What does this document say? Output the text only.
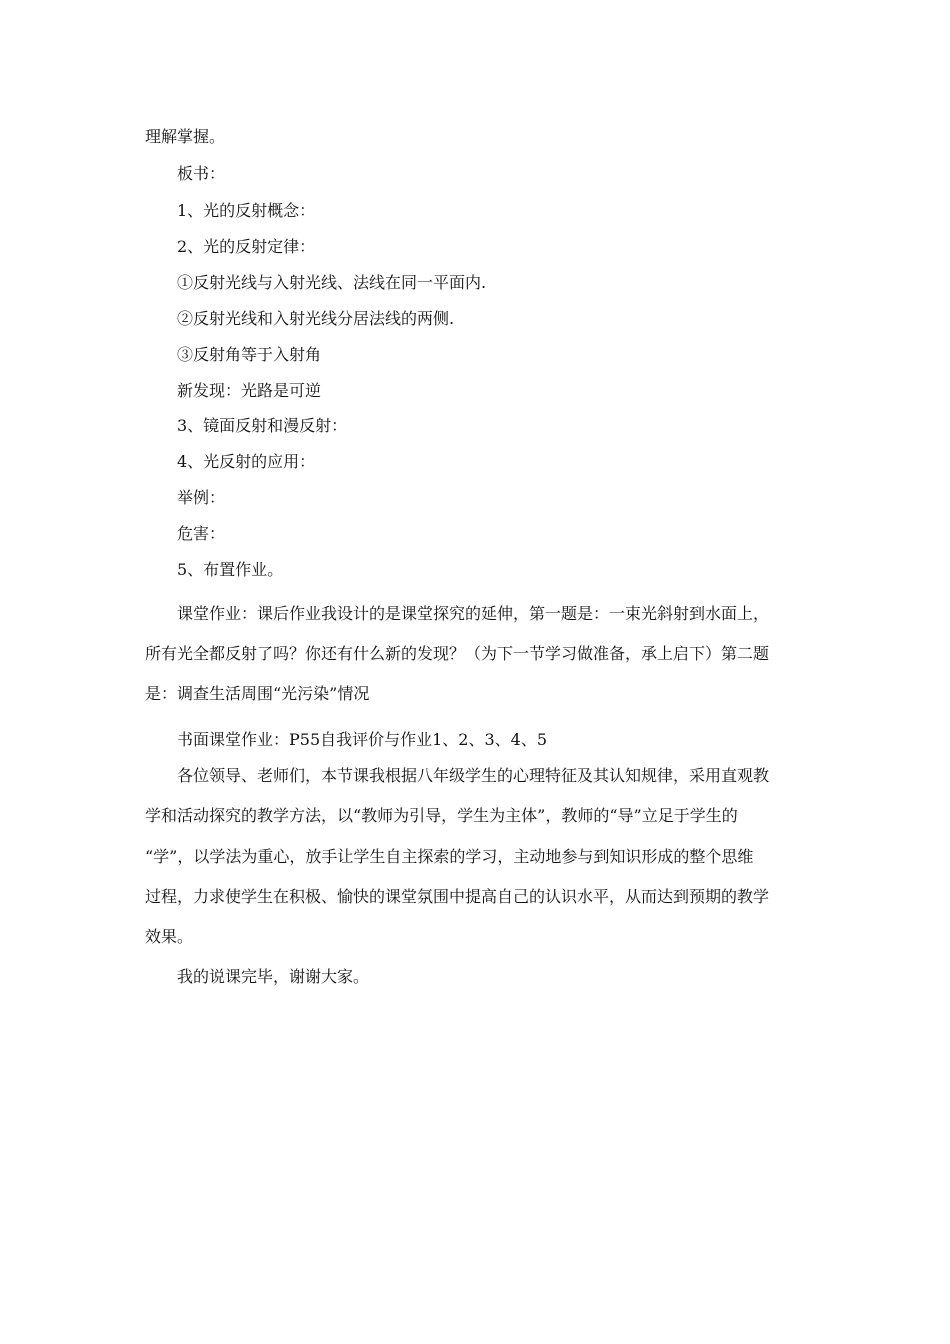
理解掌握。
板书：
1、光的反射概念：
2、光的反射定律：
①反射光线与入射光线、法线在同一平面内.
②反射光线和入射光线分居法线的两侧.
③反射角等于入射角
新发现：光路是可逆
3、镜面反射和漫反射：
4、光反射的应用：
举例：
危害：
5、布置作业。
课堂作业：课后作业我设计的是课堂探究的延伸，第一题是：一束光斜射到水面上，
所有光全都反射了吗？你还有什么新的发现？（为下一节学习做准备，承上启下）第二题
是：调查生活周围“光污染”情况
书面课堂作业：P55自我评价与作业1、2、3、4、5
各位领导、老师们，本节课我根据八年级学生的心理特征及其认知规律，采用直观教
学和活动探究的教学方法，以“教师为引导，学生为主体”，教师的“导”立足于学生的
“学”，以学法为重心，放手让学生自主探索的学习，主动地参与到知识形成的整个思维
过程，力求使学生在积极、愉快的课堂氛围中提高自己的认识水平，从而达到预期的教学
效果。
我的说课完毕，谢谢大家。
